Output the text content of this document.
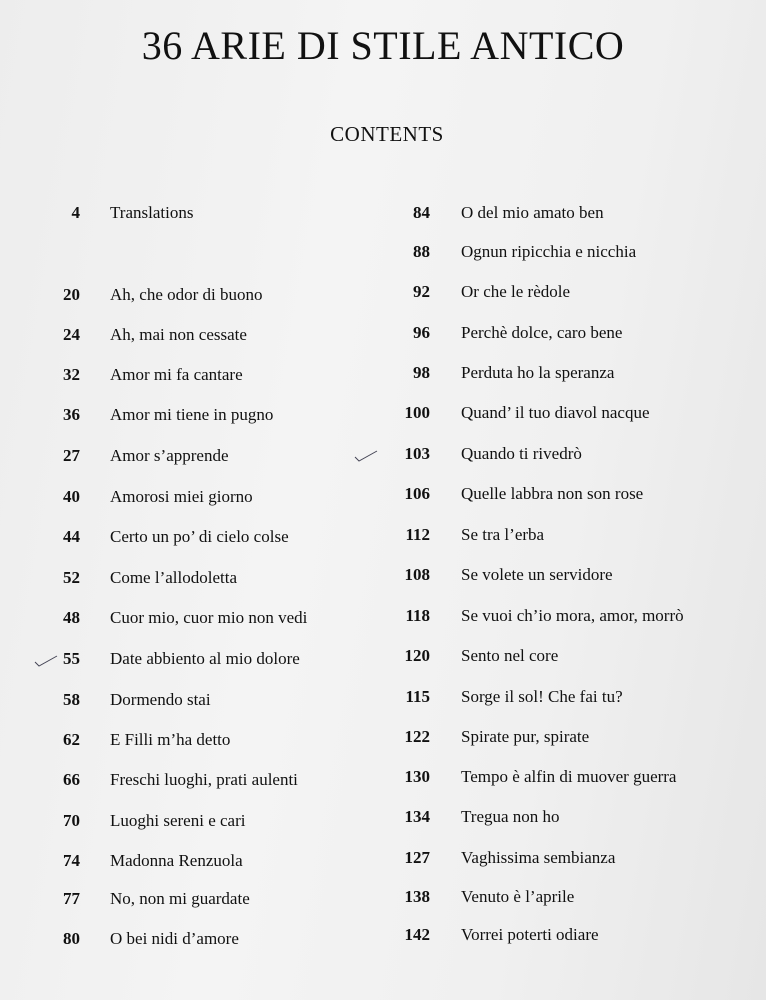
36 ARIE DI STILE ANTICO
CONTENTS
4 Translations
20 Ah, che odor di buono
24 Ah, mai non cessate
32 Amor mi fa cantare
36 Amor mi tiene in pugno
27 Amor s’apprende
40 Amorosi miei giorno
44 Certo un po’ di cielo colse
52 Come l’allodoletta
48 Cuor mio, cuor mio non vedi
55 Date abbiento al mio dolore
58 Dormendo stai
62 E Filli m’ha detto
66 Freschi luoghi, prati aulenti
70 Luoghi sereni e cari
74 Madonna Renzuola
77 No, non mi guardate
80 O bei nidi d’amore
84 O del mio amato ben
88 Ognun ripicchia e nicchia
92 Or che le rèdole
96 Perchè dolce, caro bene
98 Perduta ho la speranza
100 Quand’ il tuo diavol nacque
103 Quando ti rivedrò
106 Quelle labbra non son rose
112 Se tra l’erba
108 Se volete un servidore
118 Se vuoi ch’io mora, amor, morrò
120 Sento nel core
115 Sorge il sol! Che fai tu?
122 Spirate pur, spirate
130 Tempo è alfin di muover guerra
134 Tregua non ho
127 Vaghissima sembianza
138 Venuto è l’aprile
142 Vorrei poterti odiare
